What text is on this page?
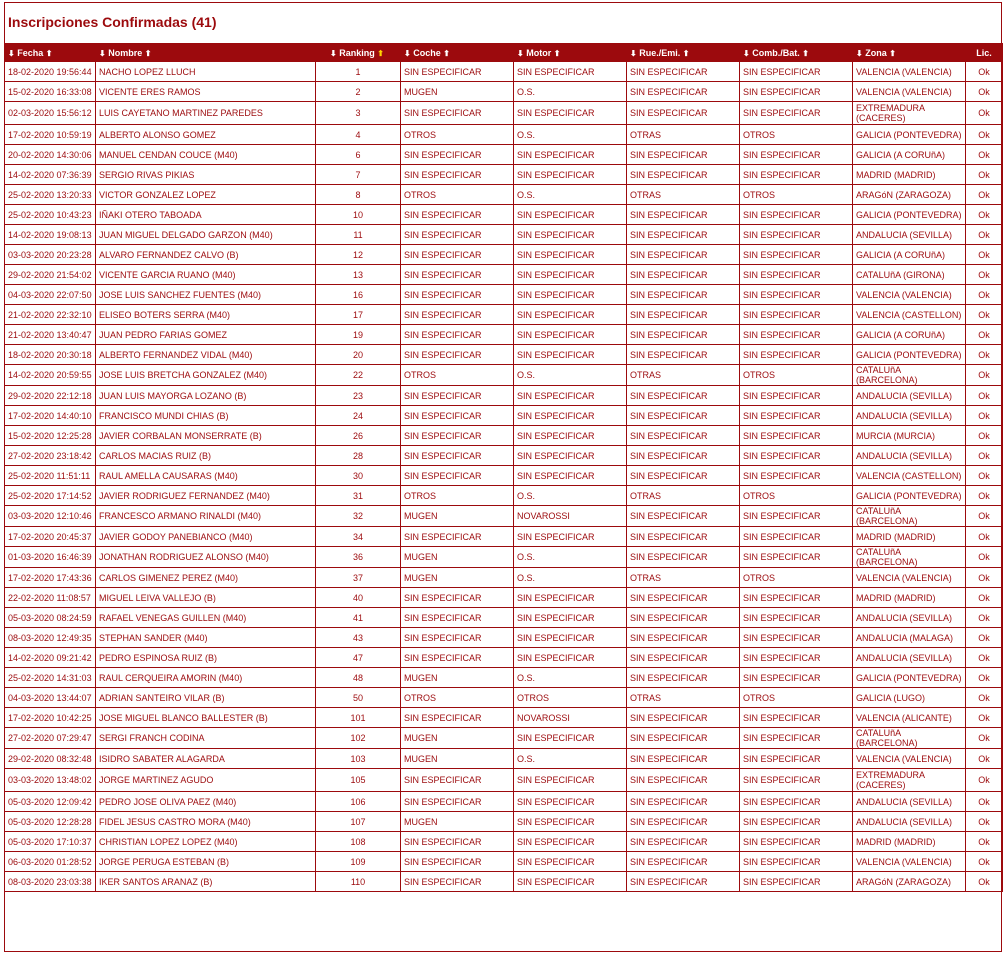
Inscripciones Confirmadas (41)
⬇ Fecha ⬆	⬇ Nombre ⬆	⬇ Ranking ⬆	⬇ Coche ⬆	⬇ Motor ⬆	⬇ Rue./Emi. ⬆	⬇ Comb./Bat. ⬆	⬇ Zona ⬆	Lic.
18-02-2020 19:56:44	NACHO LOPEZ LLUCH	1	SIN ESPECIFICAR	SIN ESPECIFICAR	SIN ESPECIFICAR	SIN ESPECIFICAR	VALENCIA (VALENCIA)	Ok
15-02-2020 16:33:08	VICENTE ERES RAMOS	2	MUGEN	O.S.	SIN ESPECIFICAR	SIN ESPECIFICAR	VALENCIA (VALENCIA)	Ok
02-03-2020 15:56:12	LUIS CAYETANO MARTINEZ PAREDES	3	SIN ESPECIFICAR	SIN ESPECIFICAR	SIN ESPECIFICAR	SIN ESPECIFICAR	EXTREMADURA (CACERES)	Ok
17-02-2020 10:59:19	ALBERTO ALONSO GOMEZ	4	OTROS	O.S.	OTRAS	OTROS	GALICIA (PONTEVEDRA)	Ok
20-02-2020 14:30:06	MANUEL CENDAN COUCE (M40)	6	SIN ESPECIFICAR	SIN ESPECIFICAR	SIN ESPECIFICAR	SIN ESPECIFICAR	GALICIA (A CORUñA)	Ok
14-02-2020 07:36:39	SERGIO RIVAS PIKIAS	7	SIN ESPECIFICAR	SIN ESPECIFICAR	SIN ESPECIFICAR	SIN ESPECIFICAR	MADRID (MADRID)	Ok
25-02-2020 13:20:33	VICTOR GONZALEZ LOPEZ	8	OTROS	O.S.	OTRAS	OTROS	ARAGóN (ZARAGOZA)	Ok
25-02-2020 10:43:23	IÑAKI OTERO TABOADA	10	SIN ESPECIFICAR	SIN ESPECIFICAR	SIN ESPECIFICAR	SIN ESPECIFICAR	GALICIA (PONTEVEDRA)	Ok
14-02-2020 19:08:13	JUAN MIGUEL DELGADO GARZON (M40)	11	SIN ESPECIFICAR	SIN ESPECIFICAR	SIN ESPECIFICAR	SIN ESPECIFICAR	ANDALUCIA (SEVILLA)	Ok
03-03-2020 20:23:28	ALVARO FERNANDEZ CALVO (B)	12	SIN ESPECIFICAR	SIN ESPECIFICAR	SIN ESPECIFICAR	SIN ESPECIFICAR	GALICIA (A CORUñA)	Ok
29-02-2020 21:54:02	VICENTE GARCIA RUANO (M40)	13	SIN ESPECIFICAR	SIN ESPECIFICAR	SIN ESPECIFICAR	SIN ESPECIFICAR	CATALUñA (GIRONA)	Ok
04-03-2020 22:07:50	JOSE LUIS SANCHEZ FUENTES (M40)	16	SIN ESPECIFICAR	SIN ESPECIFICAR	SIN ESPECIFICAR	SIN ESPECIFICAR	VALENCIA (VALENCIA)	Ok
21-02-2020 22:32:10	ELISEO BOTERS SERRA (M40)	17	SIN ESPECIFICAR	SIN ESPECIFICAR	SIN ESPECIFICAR	SIN ESPECIFICAR	VALENCIA (CASTELLON)	Ok
21-02-2020 13:40:47	JUAN PEDRO FARIAS GOMEZ	19	SIN ESPECIFICAR	SIN ESPECIFICAR	SIN ESPECIFICAR	SIN ESPECIFICAR	GALICIA (A CORUñA)	Ok
18-02-2020 20:30:18	ALBERTO FERNANDEZ VIDAL (M40)	20	SIN ESPECIFICAR	SIN ESPECIFICAR	SIN ESPECIFICAR	SIN ESPECIFICAR	GALICIA (PONTEVEDRA)	Ok
14-02-2020 20:59:55	JOSE LUIS BRETCHA GONZALEZ (M40)	22	OTROS	O.S.	OTRAS	OTROS	CATALUñA (BARCELONA)	Ok
29-02-2020 22:12:18	JUAN LUIS MAYORGA LOZANO (B)	23	SIN ESPECIFICAR	SIN ESPECIFICAR	SIN ESPECIFICAR	SIN ESPECIFICAR	ANDALUCIA (SEVILLA)	Ok
17-02-2020 14:40:10	FRANCISCO MUNDI CHIAS (B)	24	SIN ESPECIFICAR	SIN ESPECIFICAR	SIN ESPECIFICAR	SIN ESPECIFICAR	ANDALUCIA (SEVILLA)	Ok
15-02-2020 12:25:28	JAVIER CORBALAN MONSERRATE (B)	26	SIN ESPECIFICAR	SIN ESPECIFICAR	SIN ESPECIFICAR	SIN ESPECIFICAR	MURCIA (MURCIA)	Ok
27-02-2020 23:18:42	CARLOS MACIAS RUIZ (B)	28	SIN ESPECIFICAR	SIN ESPECIFICAR	SIN ESPECIFICAR	SIN ESPECIFICAR	ANDALUCIA (SEVILLA)	Ok
25-02-2020 11:51:11	RAUL AMELLA CAUSARAS (M40)	30	SIN ESPECIFICAR	SIN ESPECIFICAR	SIN ESPECIFICAR	SIN ESPECIFICAR	VALENCIA (CASTELLON)	Ok
25-02-2020 17:14:52	JAVIER RODRIGUEZ FERNANDEZ (M40)	31	OTROS	O.S.	OTRAS	OTROS	GALICIA (PONTEVEDRA)	Ok
03-03-2020 12:10:46	FRANCESCO ARMANO RINALDI (M40)	32	MUGEN	NOVAROSSI	SIN ESPECIFICAR	SIN ESPECIFICAR	CATALUñA (BARCELONA)	Ok
17-02-2020 20:45:37	JAVIER GODOY PANEBIANCO (M40)	34	SIN ESPECIFICAR	SIN ESPECIFICAR	SIN ESPECIFICAR	SIN ESPECIFICAR	MADRID (MADRID)	Ok
01-03-2020 16:46:39	JONATHAN RODRIGUEZ ALONSO (M40)	36	MUGEN	O.S.	SIN ESPECIFICAR	SIN ESPECIFICAR	CATALUñA (BARCELONA)	Ok
17-02-2020 17:43:36	CARLOS GIMENEZ PEREZ (M40)	37	MUGEN	O.S.	OTRAS	OTROS	VALENCIA (VALENCIA)	Ok
22-02-2020 11:08:57	MIGUEL LEIVA VALLEJO (B)	40	SIN ESPECIFICAR	SIN ESPECIFICAR	SIN ESPECIFICAR	SIN ESPECIFICAR	MADRID (MADRID)	Ok
05-03-2020 08:24:59	RAFAEL VENEGAS GUILLEN (M40)	41	SIN ESPECIFICAR	SIN ESPECIFICAR	SIN ESPECIFICAR	SIN ESPECIFICAR	ANDALUCIA (SEVILLA)	Ok
08-03-2020 12:49:35	STEPHAN SANDER (M40)	43	SIN ESPECIFICAR	SIN ESPECIFICAR	SIN ESPECIFICAR	SIN ESPECIFICAR	ANDALUCIA (MALAGA)	Ok
14-02-2020 09:21:42	PEDRO ESPINOSA RUIZ (B)	47	SIN ESPECIFICAR	SIN ESPECIFICAR	SIN ESPECIFICAR	SIN ESPECIFICAR	ANDALUCIA (SEVILLA)	Ok
25-02-2020 14:31:03	RAUL CERQUEIRA AMORIN (M40)	48	MUGEN	O.S.	SIN ESPECIFICAR	SIN ESPECIFICAR	GALICIA (PONTEVEDRA)	Ok
04-03-2020 13:44:07	ADRIAN SANTEIRO VILAR (B)	50	OTROS	OTROS	OTRAS	OTROS	GALICIA (LUGO)	Ok
17-02-2020 10:42:25	JOSE MIGUEL BLANCO BALLESTER (B)	101	SIN ESPECIFICAR	NOVAROSSI	SIN ESPECIFICAR	SIN ESPECIFICAR	VALENCIA (ALICANTE)	Ok
27-02-2020 07:29:47	SERGI FRANCH CODINA	102	MUGEN	SIN ESPECIFICAR	SIN ESPECIFICAR	SIN ESPECIFICAR	CATALUñA (BARCELONA)	Ok
29-02-2020 08:32:48	ISIDRO SABATER ALAGARDA	103	MUGEN	O.S.	SIN ESPECIFICAR	SIN ESPECIFICAR	VALENCIA (VALENCIA)	Ok
03-03-2020 13:48:02	JORGE MARTINEZ AGUDO	105	SIN ESPECIFICAR	SIN ESPECIFICAR	SIN ESPECIFICAR	SIN ESPECIFICAR	EXTREMADURA (CACERES)	Ok
05-03-2020 12:09:42	PEDRO JOSE OLIVA PAEZ (M40)	106	SIN ESPECIFICAR	SIN ESPECIFICAR	SIN ESPECIFICAR	SIN ESPECIFICAR	ANDALUCIA (SEVILLA)	Ok
05-03-2020 12:28:28	FIDEL JESUS CASTRO MORA (M40)	107	MUGEN	SIN ESPECIFICAR	SIN ESPECIFICAR	SIN ESPECIFICAR	ANDALUCIA (SEVILLA)	Ok
05-03-2020 17:10:37	CHRISTIAN LOPEZ LOPEZ (M40)	108	SIN ESPECIFICAR	SIN ESPECIFICAR	SIN ESPECIFICAR	SIN ESPECIFICAR	MADRID (MADRID)	Ok
06-03-2020 01:28:52	JORGE PERUGA ESTEBAN (B)	109	SIN ESPECIFICAR	SIN ESPECIFICAR	SIN ESPECIFICAR	SIN ESPECIFICAR	VALENCIA (VALENCIA)	Ok
08-03-2020 23:03:38	IKER SANTOS ARANAZ (B)	110	SIN ESPECIFICAR	SIN ESPECIFICAR	SIN ESPECIFICAR	SIN ESPECIFICAR	ARAGóN (ZARAGOZA)	Ok
